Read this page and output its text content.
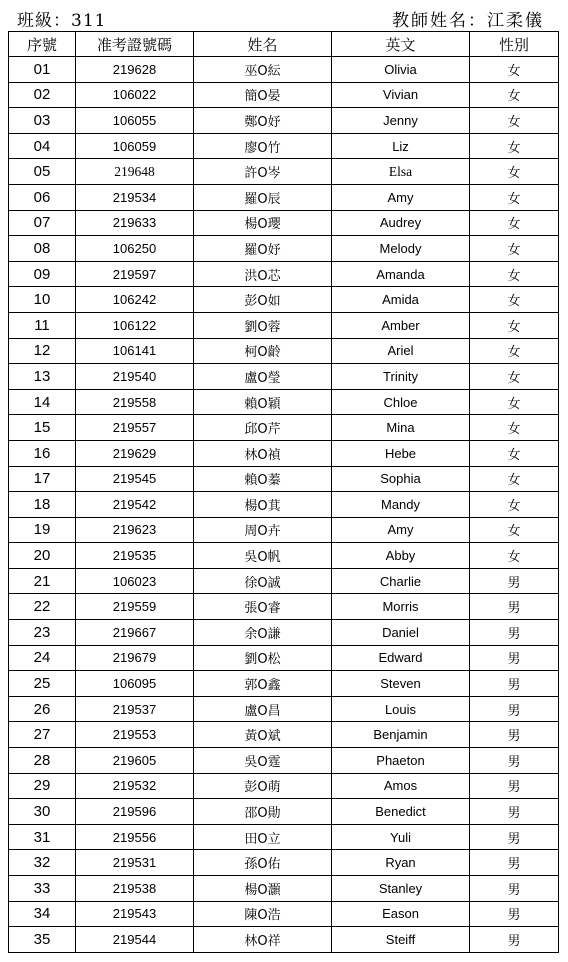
班級：311	教師姓名：江柔儀
序號	准考證號碼	姓名	英文	性別
01	219628	巫O紜	Olivia	女
02	106022	簡O晏	Vivian	女
03	106055	鄭O妤	Jenny	女
04	106059	廖O竹	Liz	女
05	219648	許O岑	Elsa	女
06	219534	羅O辰	Amy	女
07	219633	楊O瓔	Audrey	女
08	106250	羅O妤	Melody	女
09	219597	洪O芯	Amanda	女
10	106242	彭O如	Amida	女
11	106122	劉O蓉	Amber	女
12	106141	柯O齡	Ariel	女
13	219540	盧O瑩	Trinity	女
14	219558	賴O穎	Chloe	女
15	219557	邱O芹	Mina	女
16	219629	林O禎	Hebe	女
17	219545	賴O蓁	Sophia	女
18	219542	楊O萁	Mandy	女
19	219623	周O卉	Amy	女
20	219535	吳O帆	Abby	女
21	106023	徐O誠	Charlie	男
22	219559	張O睿	Morris	男
23	219667	余O謙	Daniel	男
24	219679	劉O松	Edward	男
25	106095	郭O鑫	Steven	男
26	219537	盧O昌	Louis	男
27	219553	黃O斌	Benjamin	男
28	219605	吳O霆	Phaeton	男
29	219532	彭O萌	Amos	男
30	219596	邵O勛	Benedict	男
31	219556	田O立	Yuli	男
32	219531	孫O佑	Ryan	男
33	219538	楊O灝	Stanley	男
34	219543	陳O浩	Eason	男
35	219544	林O祥	Steiff	男
